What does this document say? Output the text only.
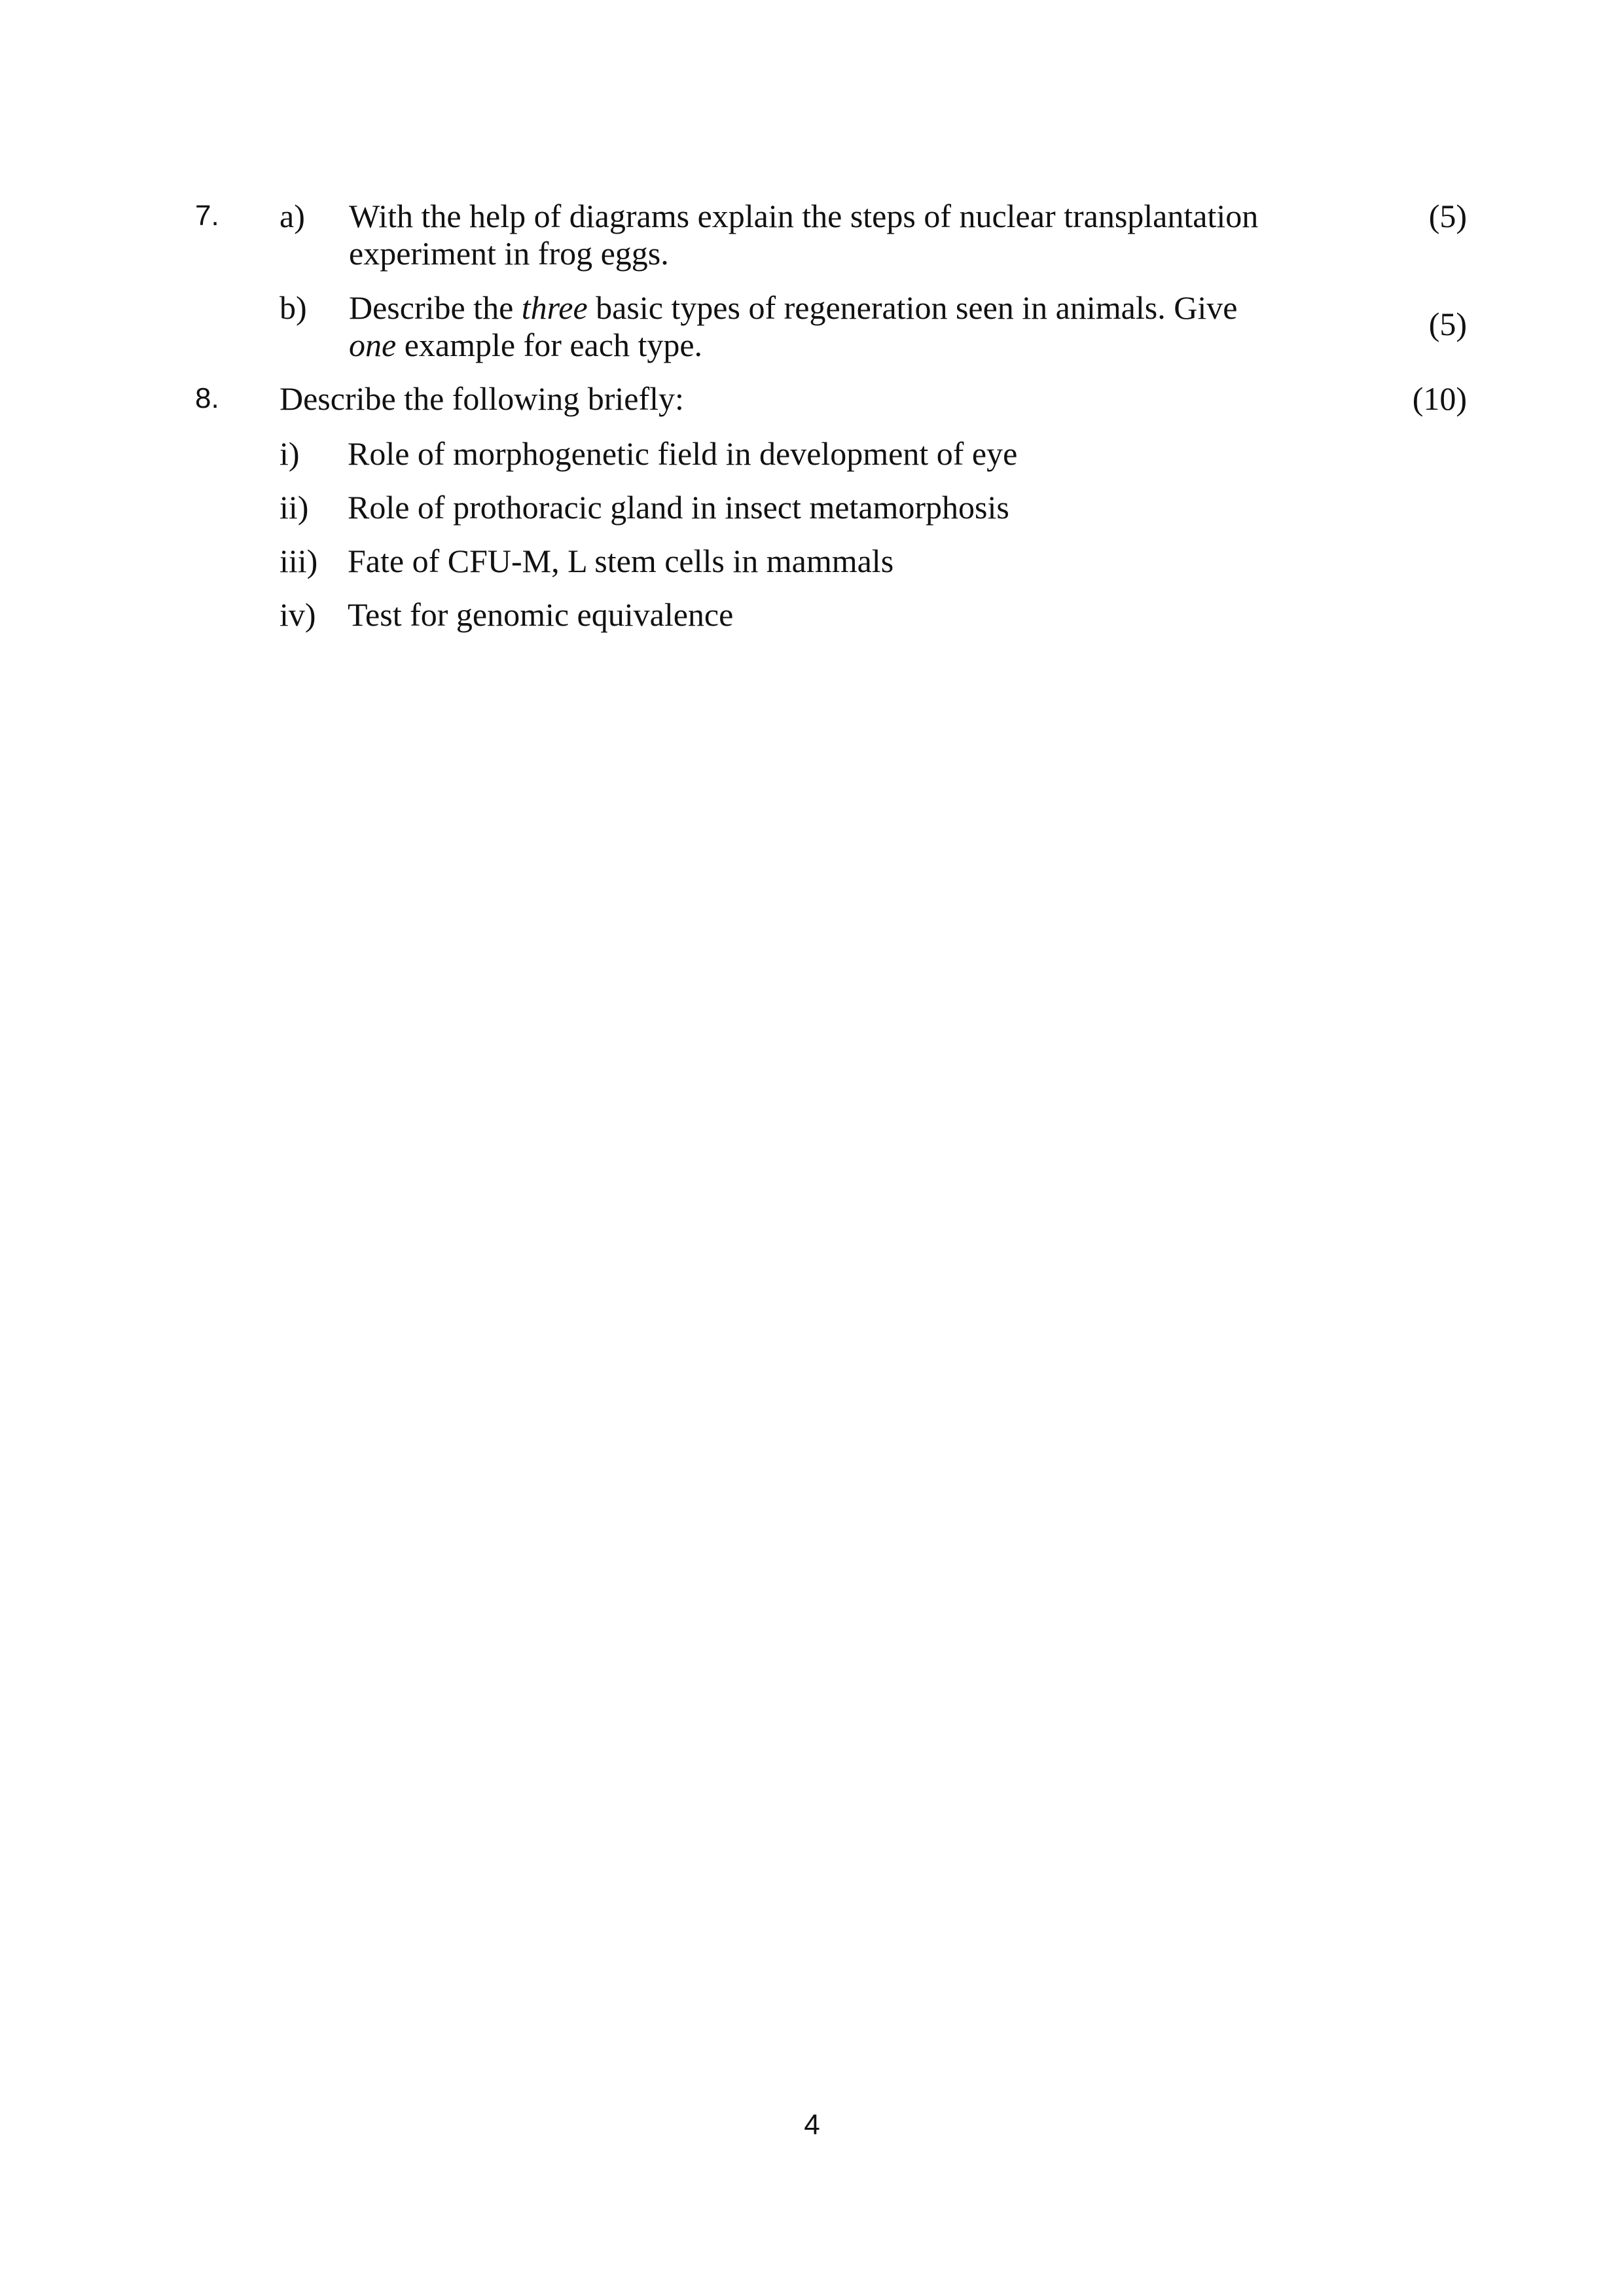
7. a) With the help of diagrams explain the steps of nuclear transplantation
experiment in frog eggs.
(5)
b) Describe the three basic types of regeneration seen in animals. Give
one example for each type.
(5)
8. Describe the following briefly:	(10)
i) Role of morphogenetic field in development of eye
ii) Role of prothoracic gland in insect metamorphosis
iii) Fate of CFU-M, L stem cells in mammals
iv) Test for genomic equivalence
4
